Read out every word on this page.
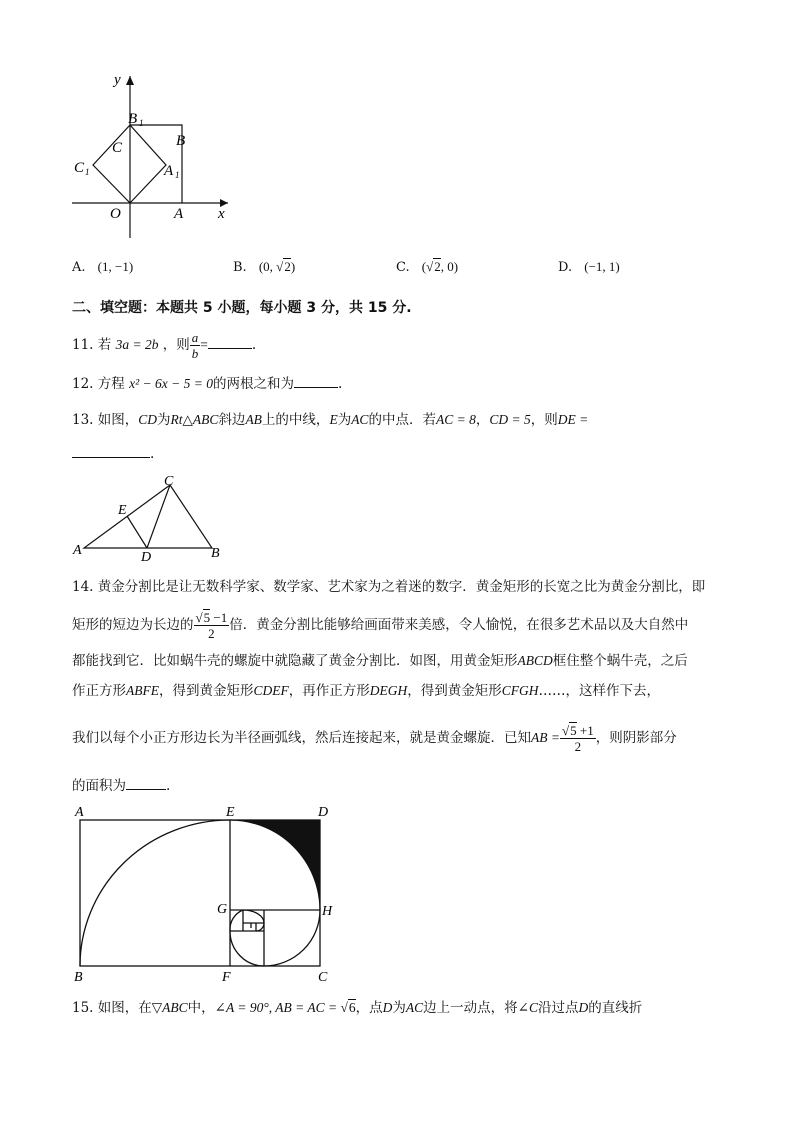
y
x
O	A
B
C
B 1
A 1
C 1
A. (1, −1)	B. (0, √2)	C. (√2, 0)	D. (−1, 1)
二、填空题：本题共 5 小题，每小题 3 分，共 15 分.
11. 若 3a = 2b ，则 $\frac{a}{b}$ =	.
12. 方程 x² − 6x − 5 = 0的两根之和为	.
13. 如图，CD为Rt△ABC斜边AB上的中线，E为AC的中点．若AC = 8，CD = 5，则DE =
.
C
E
A	D	B
14. 黄金分割比是让无数科学家、数学家、艺术家为之着迷的数字．黄金矩形的长宽之比为黄金分割比，即
矩形的短边为长边的 $\frac{√5 -1}{2}$ 倍．黄金分割比能够给画面带来美感，令人愉悦，在很多艺术品以及大自然中
都能找到它．比如蜗牛壳的螺旋中就隐藏了黄金分割比．如图，用黄金矩形ABCD框住整个蜗牛壳，之后
作正方形ABFE，得到黄金矩形CDEF，再作正方形DEGH，得到黄金矩形CFGH……，这样作下去，
我们以每个小正方形边长为半径画弧线，然后连接起来，就是黄金螺旋．已知AB = $\frac{√5 +1}{2}$ ，则阴影部分
的面积为	.
A	E	D
G	H
B	F	C
15. 如图，在▽ABC中，∠A = 90°, AB = AC = √6，点D为AC边上一动点，将∠C沿过点D的直线折
